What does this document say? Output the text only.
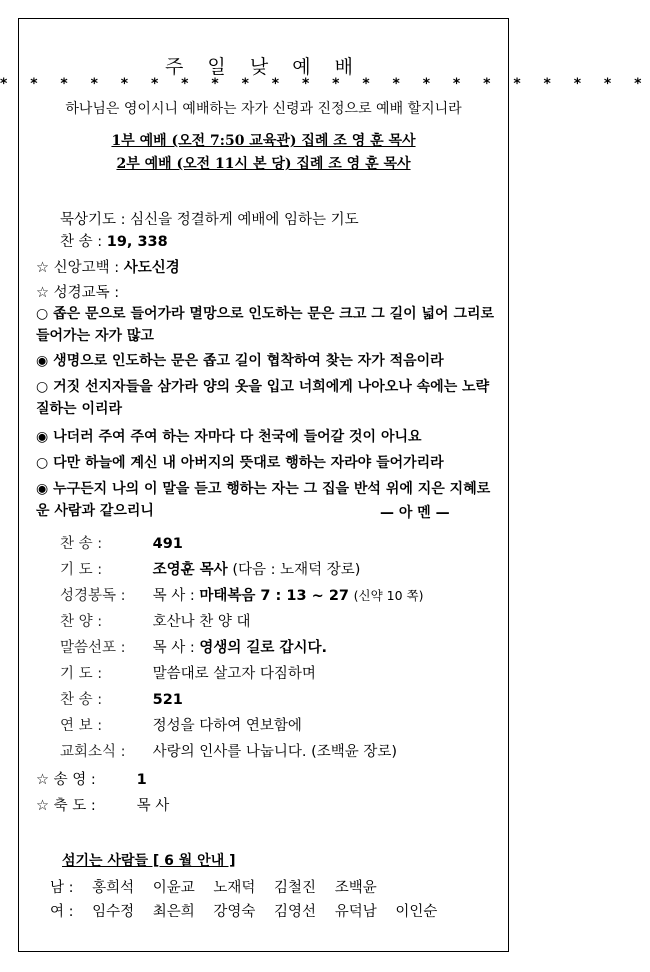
주 일 낮 예 배
* * * * * * * * * * * * * * * * * * * * * *
하나님은 영이시니 예배하는 자가 신령과 진정으로 예배 할지니라
1부 예배 (오전 7:50 교육관) 집례 조 영 훈 목사
2부 예배 (오전 11시 본 당) 집례 조 영 훈 목사
묵상기도 : 심신을 정결하게 예배에 임하는 기도
찬 송 : 19, 338
☆ 신앙고백 : 사도신경
☆ 성경교독 :
○ 좁은 문으로 들어가라 멸망으로 인도하는 문은 크고 그 길이 넓어 그리로 들어가는 자가 많고
◉ 생명으로 인도하는 문은 좁고 길이 협착하여 찾는 자가 적음이라
○ 거짓 선지자들을 삼가라 양의 옷을 입고 너희에게 나아오나 속에는 노략질하는 이리라
◉ 나더러 주여 주여 하는 자마다 다 천국에 들어갈 것이 아니요
○ 다만 하늘에 계신 내 아버지의 뜻대로 행하는 자라야 들어가리라
◉ 누구든지 나의 이 말을 듣고 행하는 자는 그 집을 반석 위에 지은 지혜로운 사람과 같으리니	— 아 멘 —
찬 송 :	491
기 도 :	조영훈 목사 (다음 : 노재덕 장로)
성경봉독 : 목 사 : 마태복음 7 : 13 ~ 27 (신약 10 쪽)
찬 양 :	호산나 찬 양 대
말씀선포 : 목 사 : 영생의 길로 갑시다.
기 도 :	말씀대로 살고자 다짐하며
찬 송 :	521
연 보 :	정성을 다하여 연보함에
교회소식 : 사랑의 인사를 나눕니다. (조백윤 장로)
☆ 송 영 :	1
☆ 축 도 :	목 사
섬기는 사람들 [ 6 월 안내 ]
남 : 홍희석 이윤교 노재덕 김철진 조백윤
여 : 임수정 최은희 강영숙 김영선 유덕남 이인순
